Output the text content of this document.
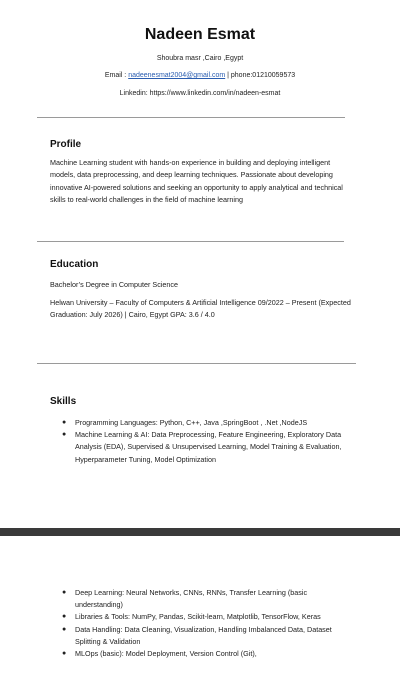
Nadeen Esmat
Shoubra masr ,Cairo ,Egypt
Email : nadeenesmat2004@gmail.com | phone:01210059573
Linkedin: https://www.linkedin.com/in/nadeen-esmat
Profile
Machine Learning student with hands-on experience in building and deploying intelligent models, data preprocessing, and deep learning techniques. Passionate about developing innovative AI-powered solutions and seeking an opportunity to apply analytical and technical skills to real-world challenges in the field of machine learning
Education
Bachelor’s Degree in Computer Science
Helwan University – Faculty of Computers & Artificial Intelligence 09/2022 – Present (Expected Graduation: July 2026) | Cairo, Egypt GPA: 3.6 / 4.0
Skills
● Programming Languages: Python, C++, Java ,SpringBoot , .Net ,NodeJS
● Machine Learning & AI: Data Preprocessing, Feature Engineering, Exploratory Data Analysis (EDA), Supervised & Unsupervised Learning, Model Training & Evaluation, Hyperparameter Tuning, Model Optimization
● Deep Learning: Neural Networks, CNNs, RNNs, Transfer Learning (basic understanding)
● Libraries & Tools: NumPy, Pandas, Scikit-learn, Matplotlib, TensorFlow, Keras
● Data Handling: Data Cleaning, Visualization, Handling Imbalanced Data, Dataset Splitting & Validation
● MLOps (basic): Model Deployment, Version Control (Git),
